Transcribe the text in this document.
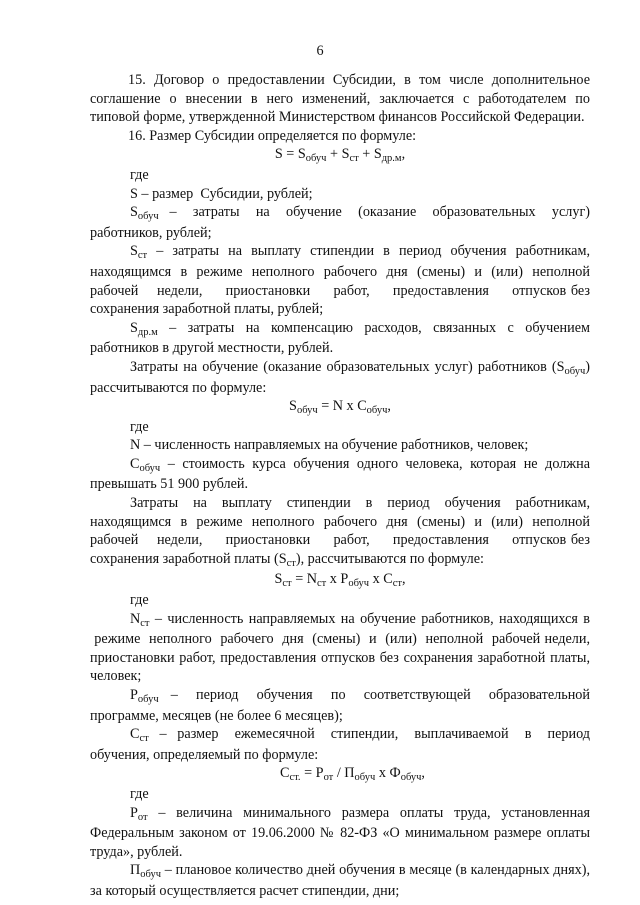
6

15. Договор о предоставлении Субсидии, в том числе дополнительное соглашение о внесении в него изменений, заключается с работодателем по типовой форме, утвержденной Министерством финансов Российской Федерации.

16. Размер Субсидии определяется по формуле:

$S = S_{обуч} + S_{ст} + S_{др.м}$,

где

S – размер  Субсидии, рублей;

$S_{обуч}$  –   затраты   на   обучение   (оказание   образовательных   услуг) работников, рублей;

$S_{ст}$ – затраты на выплату стипендии в период обучения работникам, находящимся в режиме неполного рабочего дня (смены) и (или) неполной рабочей    недели,     приостановки     работ,     предоставления     отпусков без сохранения заработной платы, рублей;

$S_{др.м}$ – затраты на компенсацию расходов, связанных с обучением работников в другой местности, рублей.

Затраты на обучение (оказание образовательных услуг) работников $(S_{обуч})$ рассчитываются по формуле:

$S_{обуч} = N$ х $C_{обуч}$,

где

N – численность направляемых на обучение работников, человек;

$C_{обуч}$ – стоимость курса обучения одного человека, которая не должна превышать 51 900 рублей.

Затраты на выплату стипендии в период обучения работникам, находящимся в режиме неполного рабочего дня (смены) и (или) неполной рабочей    недели,     приостановки     работ,     предоставления     отпусков без сохранения заработной платы $(S_{ст})$, рассчитываются по формуле:

$S_{ст} = N_{ст}$ х $P_{обуч}$ х $C_{ст}$,

где

$N_{ст}$ – численность направляемых на обучение работников, находящихся в  режиме  неполного  рабочего  дня  (смены)  и  (или)  неполной  рабочей недели, приостановки работ, предоставления отпусков без сохранения заработной платы, человек;

$P_{обуч}$  –   период   обучения   по   соответствующей   образовательной программе, месяцев (не более 6 месяцев);

$C_{ст}$  –  размер   ежемесячной   стипендии,   выплачиваемой   в   период обучения, определяемый по формуле:

$C_{ст.} = P_{от} / П_{обуч}$ х $Ф_{обуч}$,

где

$P_{от}$ – величина минимального размера оплаты труда, установленная Федеральным законом от 19.06.2000 № 82-ФЗ «О минимальном размере оплаты труда», рублей.

$П_{обуч}$ – плановое количество дней обучения в месяце (в календарных днях), за который осуществляется расчет стипендии, дни;
